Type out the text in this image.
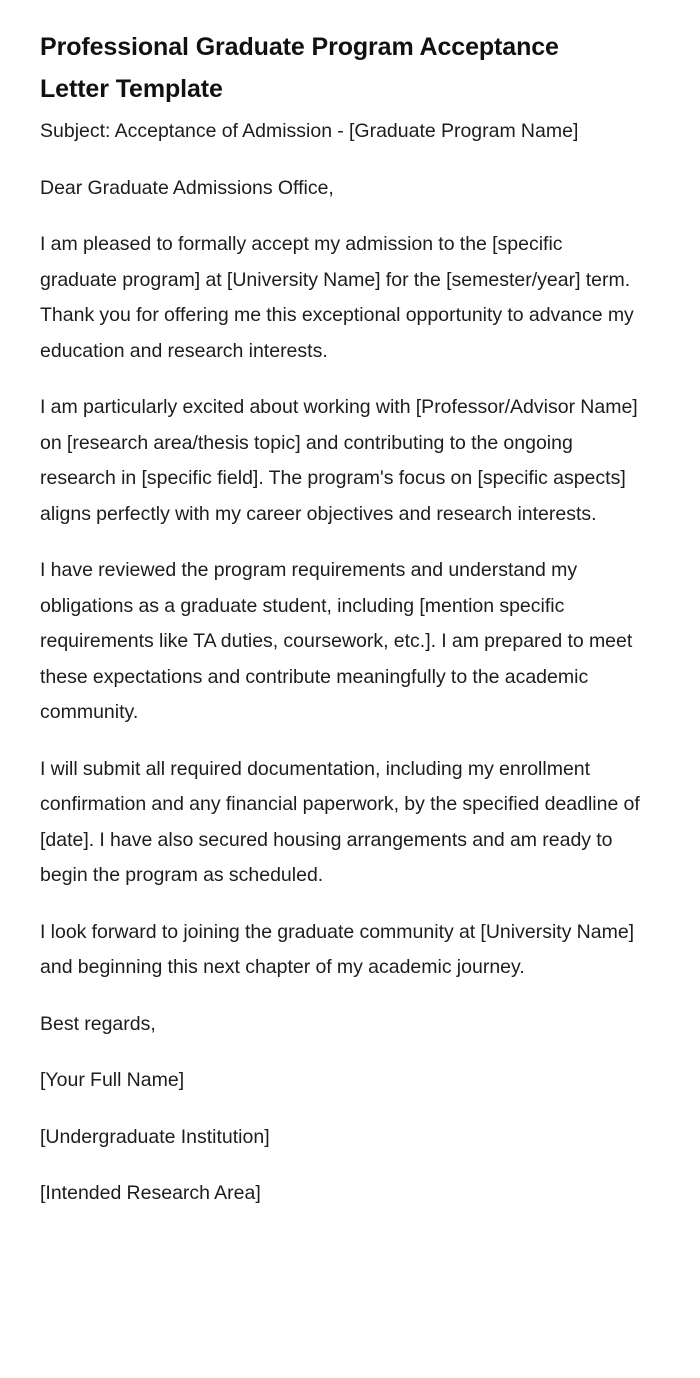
Professional Graduate Program Acceptance Letter Template

Subject: Acceptance of Admission - [Graduate Program Name]

Dear Graduate Admissions Office,

I am pleased to formally accept my admission to the [specific graduate program] at [University Name] for the [semester/year] term. Thank you for offering me this exceptional opportunity to advance my education and research interests.

I am particularly excited about working with [Professor/Advisor Name] on [research area/thesis topic] and contributing to the ongoing research in [specific field]. The program's focus on [specific aspects] aligns perfectly with my career objectives and research interests.

I have reviewed the program requirements and understand my obligations as a graduate student, including [mention specific requirements like TA duties, coursework, etc.]. I am prepared to meet these expectations and contribute meaningfully to the academic community.

I will submit all required documentation, including my enrollment confirmation and any financial paperwork, by the specified deadline of [date]. I have also secured housing arrangements and am ready to begin the program as scheduled.

I look forward to joining the graduate community at [University Name] and beginning this next chapter of my academic journey.

Best regards,

[Your Full Name]

[Undergraduate Institution]

[Intended Research Area]
